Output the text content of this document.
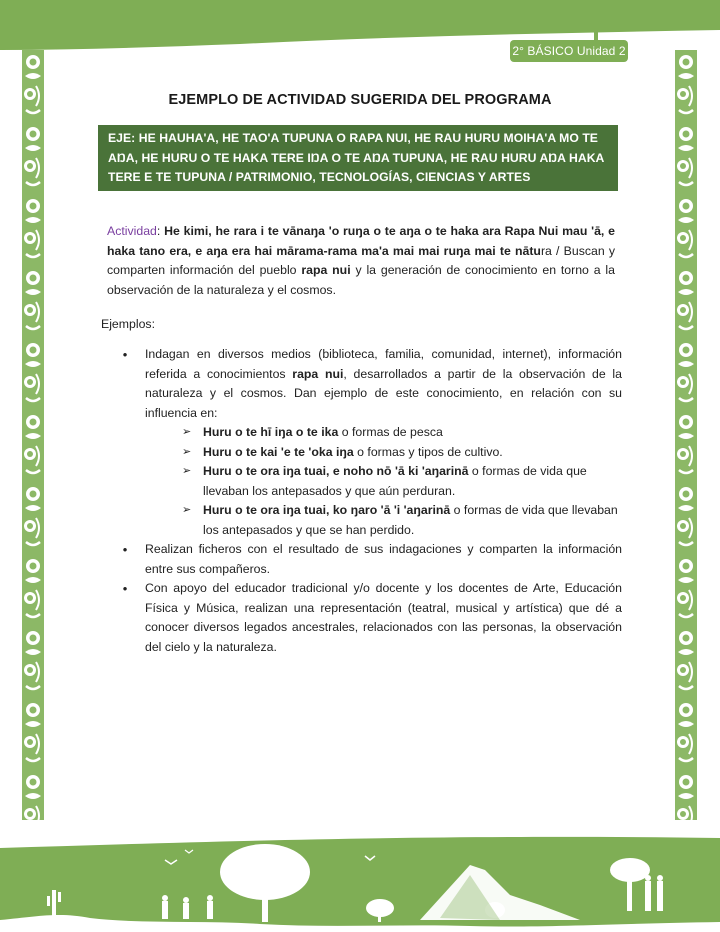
2° BÁSICO Unidad 2
EJEMPLO DE ACTIVIDAD SUGERIDA DEL PROGRAMA
EJE: HE HAUHA'A, HE TAO'A TUPUNA O RAPA NUI, HE RAU HURU MOIHA'A MO TE AŊA, HE HURU O TE HAKA TERE IŊA O TE AŊA TUPUNA, HE RAU HURU AŊA HAKA TERE E TE TUPUNA / PATRIMONIO, TECNOLOGÍAS, CIENCIAS Y ARTES ANCESTRALES.

Actividad: He kimi, he rara i te vānaŋa 'o ruŋa o te aŋa o te haka ara Rapa Nui mau 'ā, e haka tano era, e aŋa era hai mārama-rama ma'a mai mai ruŋa mai te nātura / Buscan y comparten información del pueblo rapa nui y la generación de conocimiento en torno a la observación de la naturaleza y el cosmos.

Ejemplos:
• Indagan en diversos medios (biblioteca, familia, comunidad, internet), información referida a conocimientos rapa nui, desarrollados a partir de la observación de la naturaleza y el cosmos. Dan ejemplo de este conocimiento, en relación con su influencia en:
➢ Huru o te hī iŋa o te ika o formas de pesca
➢ Huru o te kai 'e te 'oka iŋa o formas y tipos de cultivo.
➢ Huru o te ora iŋa tuai, e noho nō 'ā ki 'aŋarinā o formas de vida que llevaban los antepasados y que aún perduran.
➢ Huru o te ora iŋa tuai, ko ŋaro 'ā 'i 'aŋarinā o formas de vida que llevaban los antepasados y que se han perdido.
• Realizan ficheros con el resultado de sus indagaciones y comparten la información entre sus compañeros.
• Con apoyo del educador tradicional y/o docente y los docentes de Arte, Educación Física y Música, realizan una representación (teatral, musical y artística) que dé a conocer diversos legados ancestrales, relacionados con las personas, la observación del cielo y la naturaleza.
